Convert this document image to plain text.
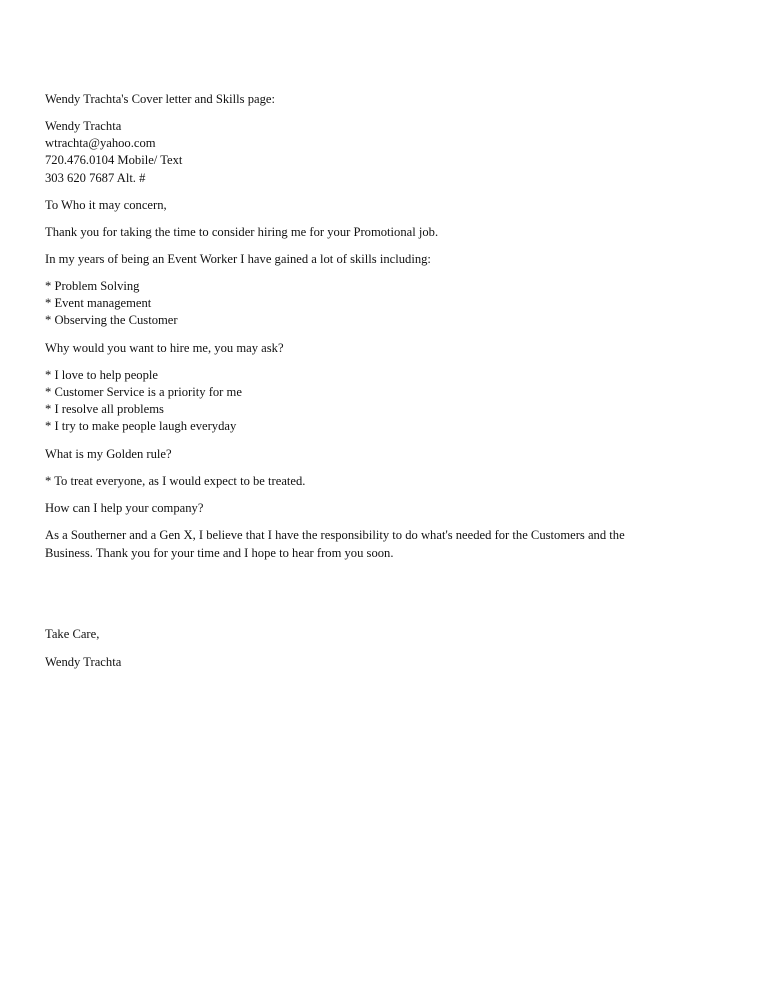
Wendy Trachta's Cover letter and Skills page:
Wendy Trachta
wtrachta@yahoo.com
720.476.0104 Mobile/ Text
303 620 7687 Alt. #
To Who it may concern,
Thank you for taking the time to consider hiring me for your Promotional job.
In my years of being an Event Worker I have gained a lot of skills including:
* Problem Solving
* Event management
* Observing the Customer
Why would you want to hire me, you may ask?
* I love to help people
* Customer Service is a priority for me
* I resolve all problems
* I try to make people laugh everyday
What is my Golden rule?
* To treat everyone, as I would expect to be treated.
How can I help your company?
As a Southerner and a Gen X, I believe that I have the responsibility to do what's needed for the Customers and the
Business. Thank you for your time and I hope to hear from you soon.
Take Care,
Wendy Trachta
